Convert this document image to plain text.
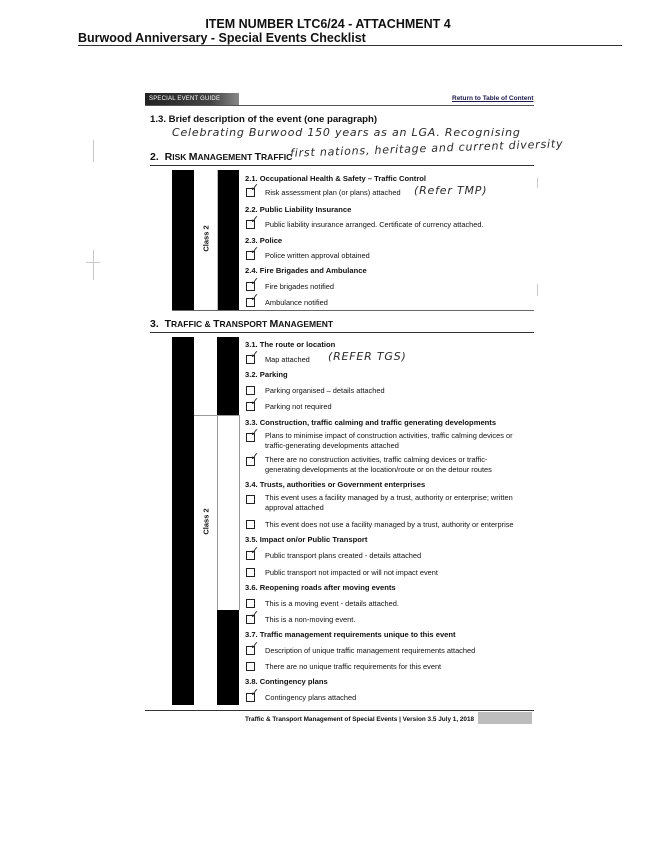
ITEM NUMBER LTC6/24 - ATTACHMENT 4
Burwood Anniversary - Special Events Checklist
SPECIAL EVENT GUIDE	Return to Table of Content
1.3. Brief description of the event (one paragraph)
Celebrating Burwood 150 years as an LGA. Recognising
first nations, heritage and current diversity
2. RISK MANAGEMENT TRAFFIC
Class 2
2.1. Occupational Health & Safety – Traffic Control
✓ Risk assessment plan (or plans) attached (Refer TMP)
2.2. Public Liability Insurance
✓ Public liability insurance arranged. Certificate of currency attached.
2.3. Police
✓ Police written approval obtained
2.4. Fire Brigades and Ambulance
✓ Fire brigades notified
✓ Ambulance notified
3. TRAFFIC & TRANSPORT MANAGEMENT
Class 2
3.1. The route or location
✓ Map attached (REFER TGS)
3.2. Parking
Parking organised – details attached
✓ Parking not required
3.3. Construction, traffic calming and traffic generating developments
✓ Plans to minimise impact of construction activities, traffic calming devices or
traffic-generating developments attached
✓ There are no construction activities, traffic calming devices or traffic-
generating developments at the location/route or on the detour routes
3.4. Trusts, authorities or Government enterprises
This event uses a facility managed by a trust, authority or enterprise; written
approval attached
This event does not use a facility managed by a trust, authority or enterprise
3.5. Impact on/or Public Transport
✓ Public transport plans created - details attached
Public transport not impacted or will not impact event
3.6. Reopening roads after moving events
This is a moving event - details attached.
✓ This is a non-moving event.
3.7. Traffic management requirements unique to this event
✓ Description of unique traffic management requirements attached
There are no unique traffic requirements for this event
3.8. Contingency plans
✓ Contingency plans attached
Traffic & Transport Management of Special Events | Version 3.5 July 1, 2018
